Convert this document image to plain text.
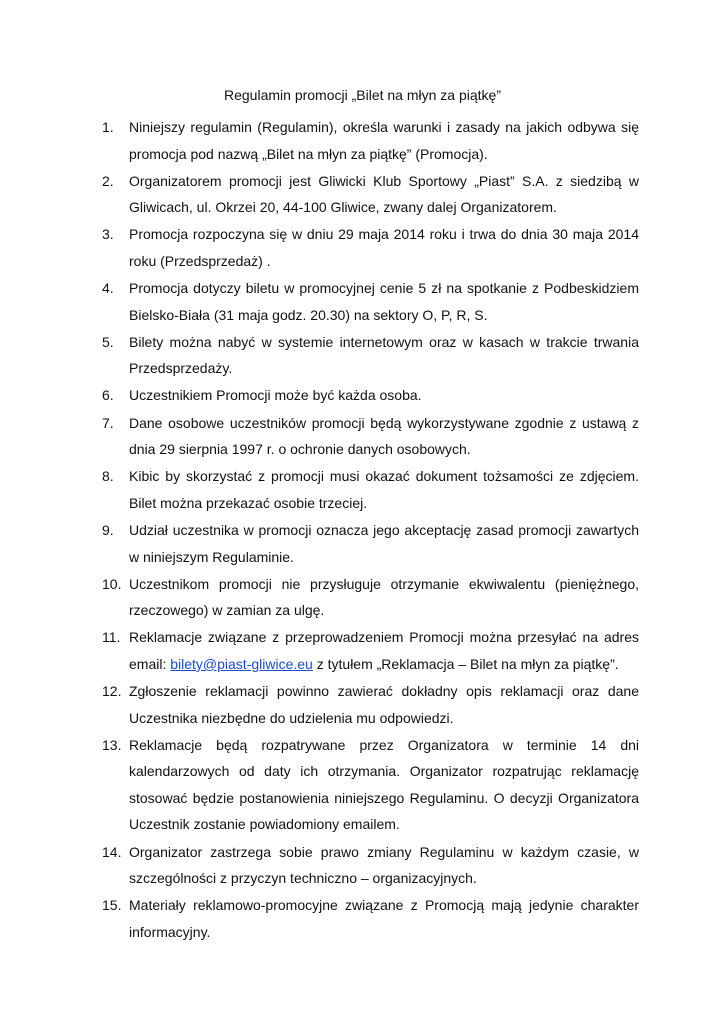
Regulamin promocji „Bilet na młyn za piątkę”
1.	Niniejszy regulamin (Regulamin), określa warunki i zasady na jakich odbywa się promocja pod nazwą „Bilet na młyn za piątkę” (Promocja).
2.	Organizatorem promocji jest Gliwicki Klub Sportowy „Piast” S.A. z siedzibą w Gliwicach, ul. Okrzei 20, 44-100 Gliwice, zwany dalej Organizatorem.
3.	Promocja rozpoczyna się w dniu 29 maja 2014 roku i trwa do dnia 30 maja 2014 roku (Przedsprzedaż) .
4.	Promocja dotyczy biletu w promocyjnej cenie 5 zł na spotkanie z Podbeskidziem Bielsko-Biała (31 maja godz. 20.30) na sektory O, P, R, S.
5.	Bilety można nabyć w systemie internetowym oraz w kasach w trakcie trwania Przedsprzedaży.
6.	Uczestnikiem Promocji może być każda osoba.
7.	Dane osobowe uczestników promocji będą wykorzystywane zgodnie z ustawą z dnia 29 sierpnia 1997 r. o ochronie danych osobowych.
8.	Kibic by skorzystać z promocji musi okazać dokument tożsamości ze zdjęciem. Bilet można przekazać osobie trzeciej.
9.	Udział uczestnika w promocji oznacza jego akceptację zasad promocji zawartych w niniejszym Regulaminie.
10. Uczestnikom promocji nie przysługuje otrzymanie ekwiwalentu (pieniężnego, rzeczowego) w zamian za ulgę.
11. Reklamacje związane z przeprowadzeniem Promocji można przesyłać na adres email: bilety@piast-gliwice.eu z tytułem „Reklamacja – Bilet na młyn za piątkę”.
12. Zgłoszenie reklamacji powinno zawierać dokładny opis reklamacji oraz dane Uczestnika niezbędne do udzielenia mu odpowiedzi.
13. Reklamacje będą rozpatrywane przez Organizatora w terminie 14 dni kalendarzowych od daty ich otrzymania. Organizator rozpatrując reklamację stosować będzie postanowienia niniejszego Regulaminu. O decyzji Organizatora Uczestnik zostanie powiadomiony emailem.
14. Organizator zastrzega sobie prawo zmiany Regulaminu w każdym czasie, w szczególności z przyczyn techniczno – organizacyjnych.
15. Materiały reklamowo-promocyjne związane z Promocją mają jedynie charakter informacyjny.
